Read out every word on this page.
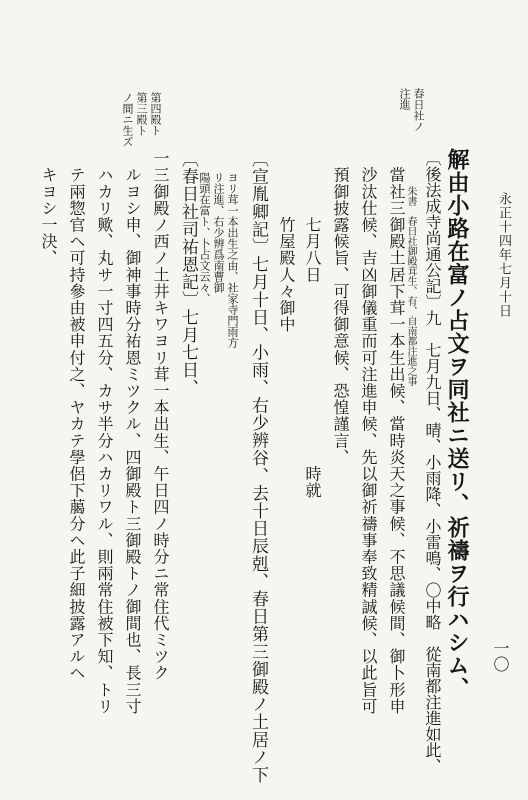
永正十四年七月十日
一〇
春日社ノ
注進
第四殿ト
第三殿ト
ノ間ニ生ズ
解由小路在富ノ占文ヲ同社ニ送リ、祈禱ヲ行ハシム、
〔後法成寺尚通公記〕九　七月九日、晴、小雨降、小雷鳴、〇中略　從南都注進如此、
朱書　春日社御殿茸生、有、自南都注進之事
　當社三御殿土居下茸一本生出候、當時炎天之事候、不思議候間、御卜形申
　沙汰仕候、吉凶御儀重而可注進申候、先以御祈禱事奉致精誠候、以此旨可
　預御披露候旨、可得御意候、恐惶謹言、
　　　　七月八日　　　　　　　　　　　時就
　　　　竹屋殿人々御中
〔宣胤卿記〕七月十日、小雨、右少辨谷、去十日辰剋、春日第三御殿ノ土居ノ下
　　ヨリ茸一本出生之由、社家寺門雨方
　　リ注進、右少辨爲南曹御
　　陽頭在富ト、卜占文云々、
〔春日社司祐恩記〕七月七日、
一三御殿ノ西ノ土井キワヨリ茸一本出生、午日四ノ時分ニ常住代ミツク
　ルヨシ申、御神事時分祐恩ミツクル、四御殿ト三御殿トノ御間也、長三寸
　ハカリ歟、丸サ一寸四五分、カサ半分ハカリワル、則兩常住被下知、トリ
　テ兩惣官ヘ可持參由被申付之、ヤカテ學侶下﨟分ヘ此子細披露アルヘ
　キヨシ一決、
